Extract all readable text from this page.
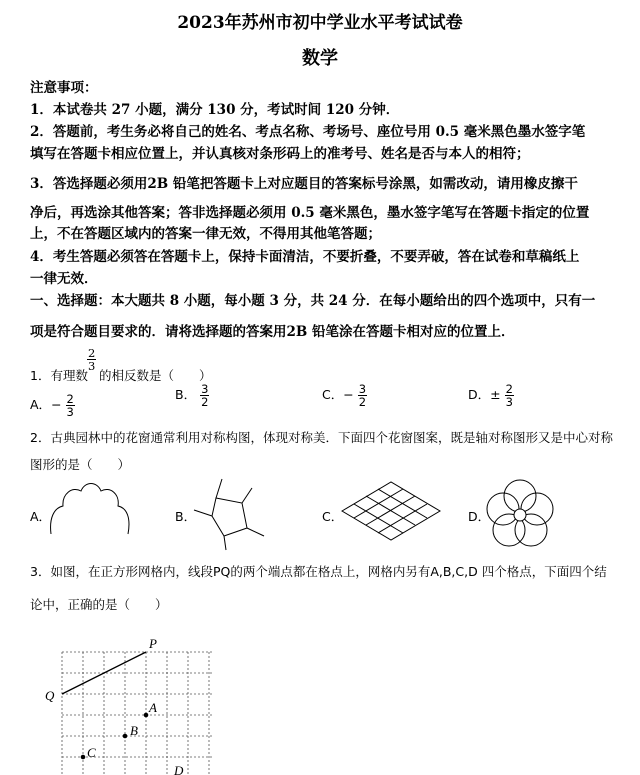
2023年苏州市初中学业水平考试试卷
数学
注意事项：
1．本试卷共 27 小题，满分 130 分，考试时间 120 分钟．
2．答题前，考生务必将自己的姓名、考点名称、考场号、座位号用 0.5 毫米黑色墨水签字笔
填写在答题卡相应位置上，并认真核对条形码上的准考号、姓名是否与本人的相符；
3．答选择题必须用2B 铅笔把答题卡上对应题目的答案标号涂黑，如需改动，请用橡皮擦干
净后，再选涂其他答案；答非选择题必须用 0.5 毫米黑色，墨水签字笔写在答题卡指定的位置
上，不在答题区域内的答案一律无效，不得用其他笔答题；
4．考生答题必须答在答题卡上，保持卡面清洁，不要折叠，不要弄破，答在试卷和草稿纸上
一律无效．
一、选择题：本大题共 8 小题，每小题 3 分，共 24 分．在每小题给出的四个选项中，只有一
项是符合题目要求的．请将选择题的答案用2B 铅笔涂在答题卡相对应的位置上．
1．有理数
$\frac{2}{3}$
的相反数是（　　）
A．− $\frac{2}{3}$	B． $\frac{3}{2}$	C．− $\frac{3}{2}$	D．± $\frac{2}{3}$
2．古典园林中的花窗通常利用对称构图，体现对称美．下面四个花窗图案，既是轴对称图形又是中心对称
图形的是（　　）
A．	B．	C．	D．
3．如图，在正方形网格内，线段PQ的两个端点都在格点上，网格内另有A,B,C,D 四个格点，下面四个结
论中，正确的是（　　）
P
Q
A
B
C
D
